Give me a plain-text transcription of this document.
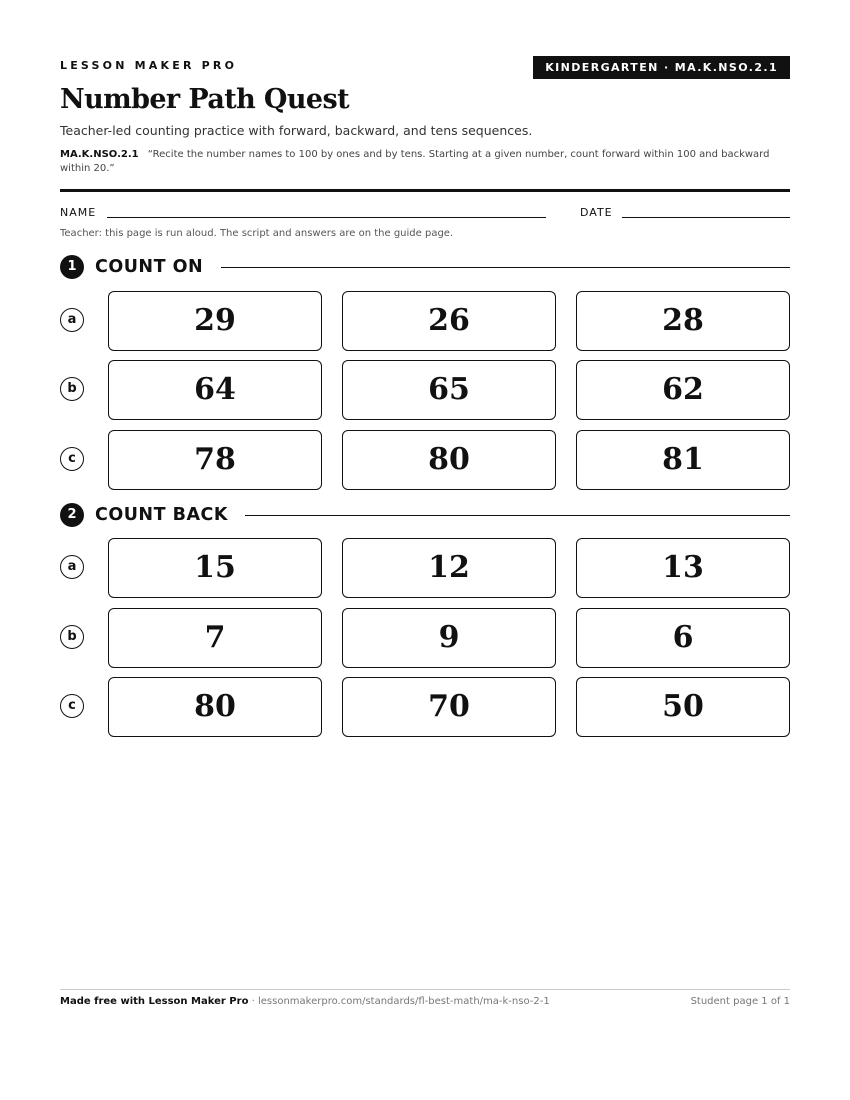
LESSON MAKER PRO	KINDERGARTEN · MA.K.NSO.2.1
Number Path Quest
Teacher-led counting practice with forward, backward, and tens sequences.
MA.K.NSO.2.1 “Recite the number names to 100 by ones and by tens. Starting at a given number, count forward within 100 and backward within 20.”
NAME	DATE
Teacher: this page is run aloud. The script and answers are on the guide page.
1	COUNT ON
a	29	26	28
b	64	65	62
c	78	80	81
2	COUNT BACK
a	15	12	13
b	7	9	6
c	80	70	50
Made free with Lesson Maker Pro · lessonmakerpro.com/standards/fl-best-math/ma-k-nso-2-1	Student page 1 of 1
